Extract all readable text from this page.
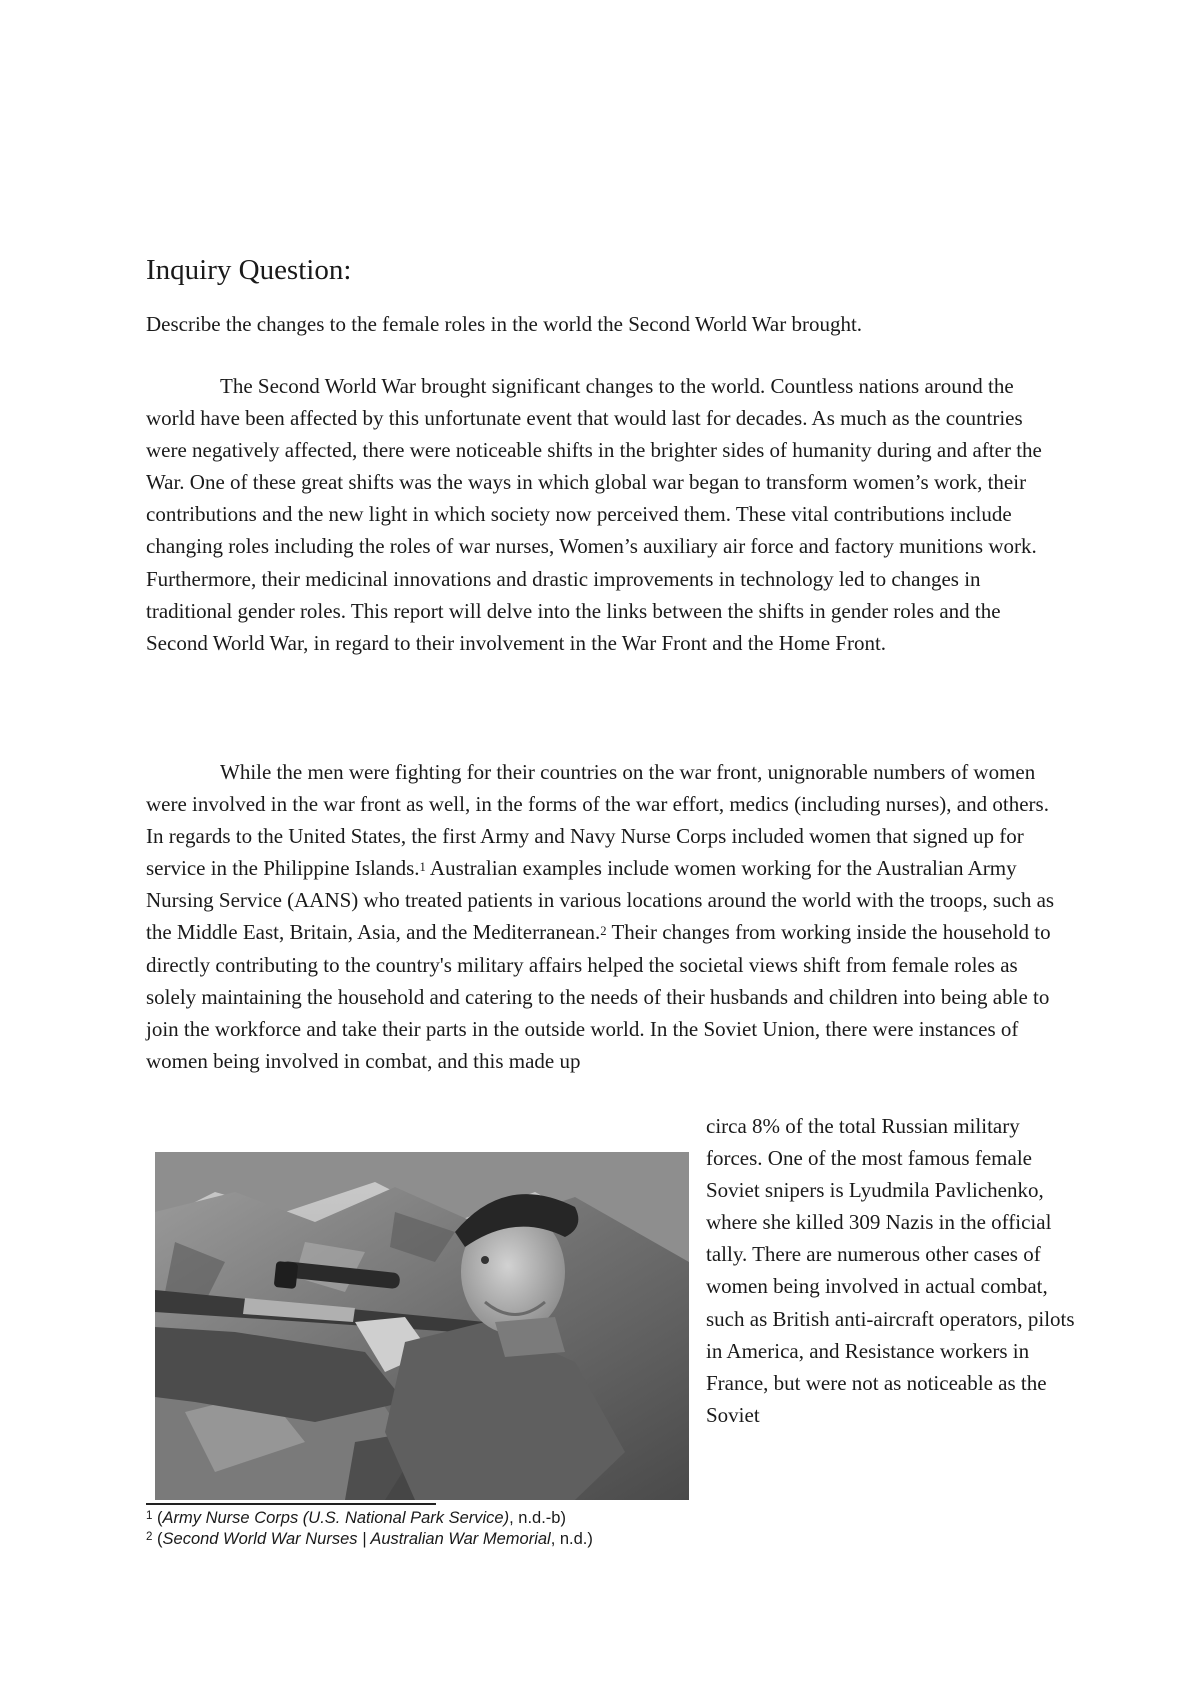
Inquiry Question:

Describe the changes to the female roles in the world the Second World War brought.

The Second World War brought significant changes to the world. Countless nations around the world have been affected by this unfortunate event that would last for decades. As much as the countries were negatively affected, there were noticeable shifts in the brighter sides of humanity during and after the War. One of these great shifts was the ways in which global war began to transform women’s work, their contributions and the new light in which society now perceived them. These vital contributions include changing roles including the roles of war nurses, Women’s auxiliary air force and factory munitions work. Furthermore, their medicinal innovations and drastic improvements in technology led to changes in traditional gender roles. This report will delve into the links between the shifts in gender roles and the Second World War, in regard to their involvement in the War Front and the Home Front.

While the men were fighting for their countries on the war front, unignorable numbers of women were involved in the war front as well, in the forms of the war effort, medics (including nurses), and others. In regards to the United States, the first Army and Navy Nurse Corps included women that signed up for service in the Philippine Islands.$^1$ Australian examples include women working for the Australian Army Nursing Service (AANS) who treated patients in various locations around the world with the troops, such as the Middle East, Britain, Asia, and the Mediterranean.$^2$ Their changes from working inside the household to directly contributing to the country's military affairs helped the societal views shift from female roles as solely maintaining the household and catering to the needs of their husbands and children into being able to join the workforce and take their parts in the outside world. In the Soviet Union, there were instances of women being involved in combat, and this made up

circa 8% of the total Russian military forces. One of the most famous female Soviet snipers is Lyudmila Pavlichenko, where she killed 309 Nazis in the official tally. There are numerous other cases of women being involved in actual combat, such as British anti-aircraft operators, pilots in America, and Resistance workers in France, but were not as noticeable as the Soviet

$^1$ (Army Nurse Corps (U.S. National Park Service), n.d.-b)

$^2$ (Second World War Nurses | Australian War Memorial, n.d.)
